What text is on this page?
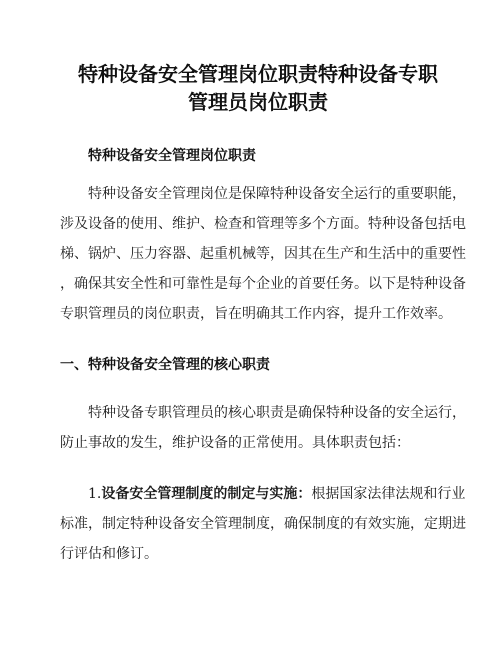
特种设备安全管理岗位职责特种设备专职
管理员岗位职责
特种设备安全管理岗位职责
特种设备安全管理岗位是保障特种设备安全运行的重要职能，
涉及设备的使用、维护、检查和管理等多个方面。特种设备包括电
梯、锅炉、压力容器、起重机械等，因其在生产和生活中的重要性
，确保其安全性和可靠性是每个企业的首要任务。以下是特种设备
专职管理员的岗位职责，旨在明确其工作内容，提升工作效率。
一、特种设备安全管理的核心职责
特种设备专职管理员的核心职责是确保特种设备的安全运行，
防止事故的发生，维护设备的正常使用。具体职责包括：
1.设备安全管理制度的制定与实施：根据国家法律法规和行业
标准，制定特种设备安全管理制度，确保制度的有效实施，定期进
行评估和修订。
